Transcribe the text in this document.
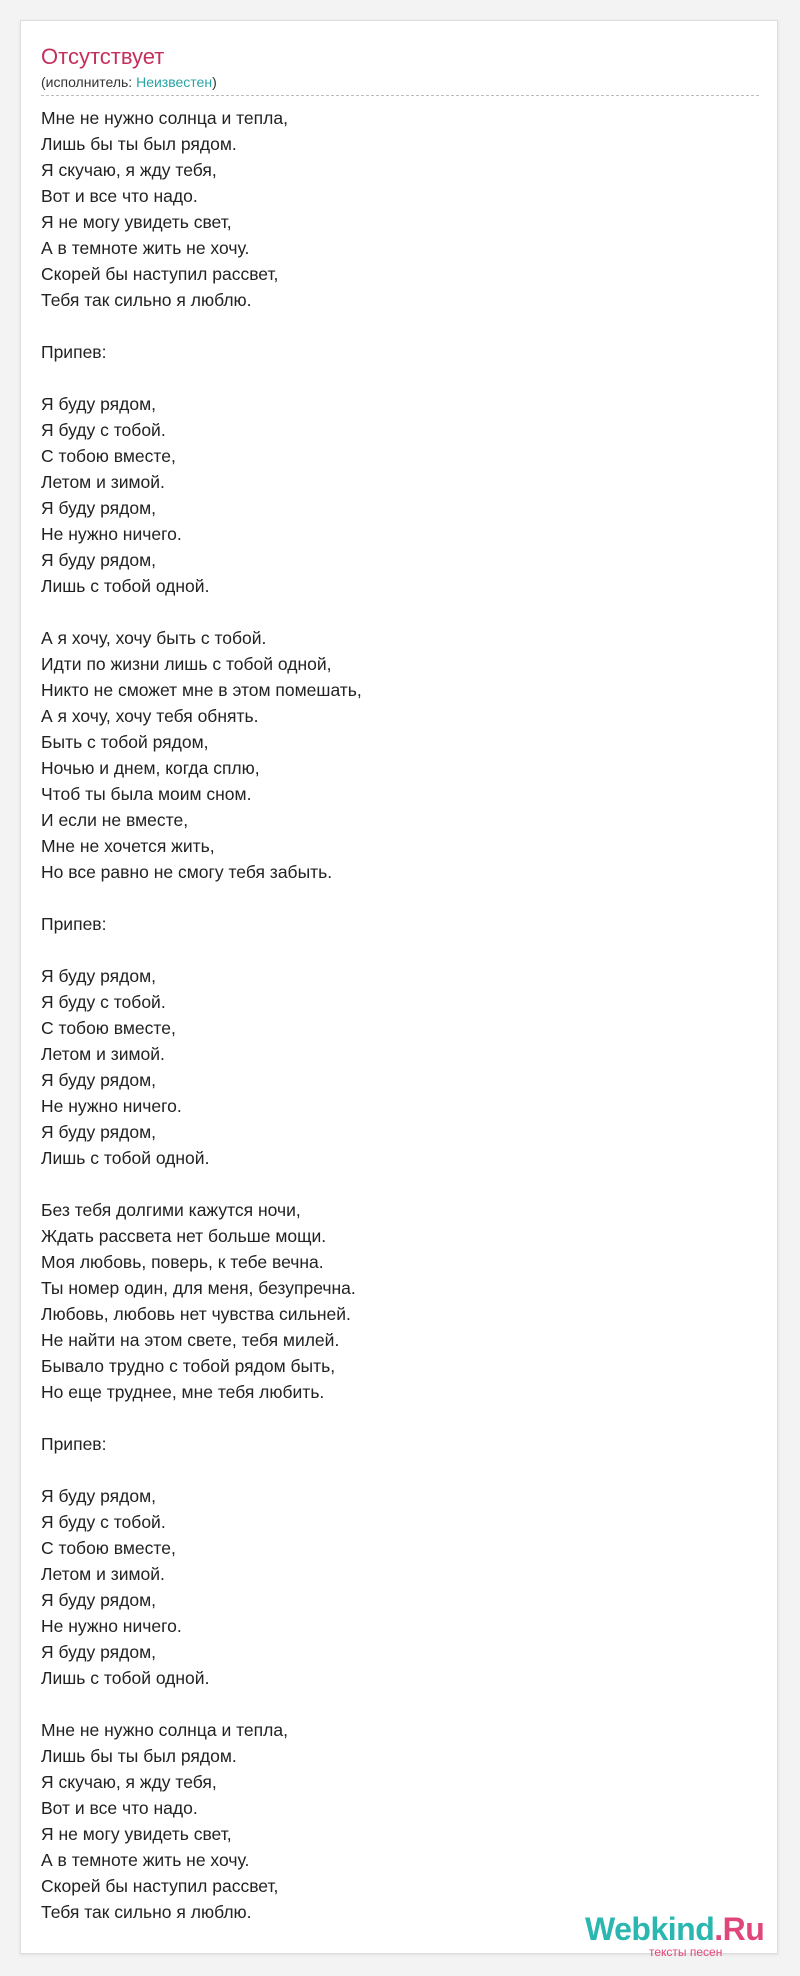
Отсутствует
(исполнитель: Неизвестен)
Мне не нужно солнца и тепла,
Лишь бы ты был рядом.
Я скучаю, я жду тебя,
Вот и все что надо.
Я не могу увидеть свет,
А в темноте жить не хочу.
Скорей бы наступил рассвет,
Тебя так сильно я люблю.
Припев:
Я буду рядом,
Я буду с тобой.
С тобою вместе,
Летом и зимой.
Я буду рядом,
Не нужно ничего.
Я буду рядом,
Лишь с тобой одной.
А я хочу, хочу быть с тобой.
Идти по жизни лишь с тобой одной,
Никто не сможет мне в этом помешать,
А я хочу, хочу тебя обнять.
Быть с тобой рядом,
Ночью и днем, когда сплю,
Чтоб ты была моим сном.
И если не вместе,
Мне не хочется жить,
Но все равно не смогу тебя забыть.
Припев:
Я буду рядом,
Я буду с тобой.
С тобою вместе,
Летом и зимой.
Я буду рядом,
Не нужно ничего.
Я буду рядом,
Лишь с тобой одной.
Без тебя долгими кажутся ночи,
Ждать рассвета нет больше мощи.
Моя любовь, поверь, к тебе вечна.
Ты номер один, для меня, безупречна.
Любовь, любовь нет чувства сильней.
Не найти на этом свете, тебя милей.
Бывало трудно с тобой рядом быть,
Но еще труднее, мне тебя любить.
Припев:
Я буду рядом,
Я буду с тобой.
С тобою вместе,
Летом и зимой.
Я буду рядом,
Не нужно ничего.
Я буду рядом,
Лишь с тобой одной.
Мне не нужно солнца и тепла,
Лишь бы ты был рядом.
Я скучаю, я жду тебя,
Вот и все что надо.
Я не могу увидеть свет,
А в темноте жить не хочу.
Скорей бы наступил рассвет,
Тебя так сильно я люблю.	Webkind.Ru
тексты песен
